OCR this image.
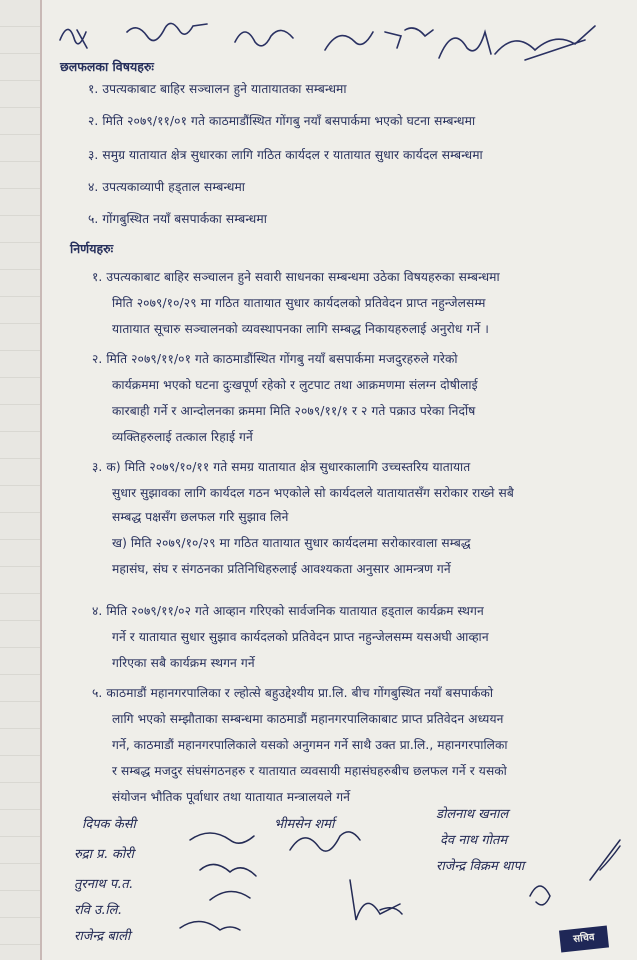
छलफलका विषयहरुः
१. उपत्यकाबाट बाहिर सञ्चालन हुने यातायातका सम्बन्धमा
२. मिति २०७९/११/०१ गते काठमाडौंस्थित गोंगबु नयाँ बसपार्कमा भएको घटना सम्बन्धमा
३. समुग्र यातायात क्षेत्र सुधारका लागि गठित कार्यदल र यातायात सुधार कार्यदल सम्बन्धमा
४. उपत्यकाव्यापी हड्ताल सम्बन्धमा
५. गोंगबुस्थित नयाँ बसपार्कका सम्बन्धमा
निर्णयहरुः
१. उपत्यकाबाट बाहिर सञ्चालन हुने सवारी साधनका सम्बन्धमा उठेका विषयहरुका सम्बन्धमा
मिति २०७९/१०/२९ मा गठित यातायात सुधार कार्यदलको प्रतिवेदन प्राप्त नहुन्जेलसम्म
यातायात सूचारु सञ्चालनको व्यवस्थापनका लागि सम्बद्ध निकायहरुलाई अनुरोध गर्ने ।
२. मिति २०७९/११/०१ गते काठमाडौंस्थित गोंगबु नयाँ बसपार्कमा मजदुरहरुले गरेको
कार्यक्रममा भएको घटना दुःखपूर्ण रहेको र लुटपाट तथा आक्रमणमा संलग्न दोषीलाई
कारबाही गर्ने र आन्दोलनका क्रममा मिति २०७९/११/१ र २ गते पक्राउ परेका निर्दोष
व्यक्तिहरुलाई तत्काल रिहाई गर्ने
३. क) मिति २०७९/१०/११ गते समग्र यातायात क्षेत्र सुधारकालागि उच्चस्तरिय यातायात
सुधार सुझावका लागि कार्यदल गठन भएकोले सो कार्यदलले यातायातसँग सरोकार राख्ने सबै
सम्बद्ध पक्षसँग छलफल गरि सुझाव लिने
ख) मिति २०७९/१०/२९ मा गठित यातायात सुधार कार्यदलमा सरोकारवाला सम्बद्ध
महासंघ, संघ र संगठनका प्रतिनिधिहरुलाई आवश्यकता अनुसार आमन्त्रण गर्ने
४. मिति २०७९/११/०२ गते आव्हान गरिएको सार्वजनिक यातायात हड्ताल कार्यक्रम स्थगन
गर्ने र यातायात सुधार सुझाव कार्यदलको प्रतिवेदन प्राप्त नहुन्जेलसम्म यसअघी आव्हान
गरिएका सबै कार्यक्रम स्थगन गर्ने
५. काठमाडौं महानगरपालिका र ल्होत्से बहुउद्देश्यीय प्रा.लि. बीच गोंगबुस्थित नयाँ बसपार्कको
लागि भएको सम्झौताका सम्बन्धमा काठमाडौं महानगरपालिकाबाट प्राप्त प्रतिवेदन अध्ययन
गर्ने, काठमाडौं महानगरपालिकाले यसको अनुगमन गर्ने साथै उक्त प्रा.लि., महानगरपालिका
र सम्बद्ध मजदुर संघसंगठनहरु र यातायात व्यवसायी महासंघहरुबीच छलफल गर्ने र यसको
संयोजन भौतिक पूर्वाधार तथा यातायात मन्त्रालयले गर्ने
दिपक केसी
रुद्रा प्र. कोरी
तुरनाथ प.त.
रवि उ.लि.
राजेन्द्र बाली
भीमसेन शर्मा
डोलनाथ खनाल
देव नाथ गोतम
राजेन्द्र विक्रम थापा
सचिव
